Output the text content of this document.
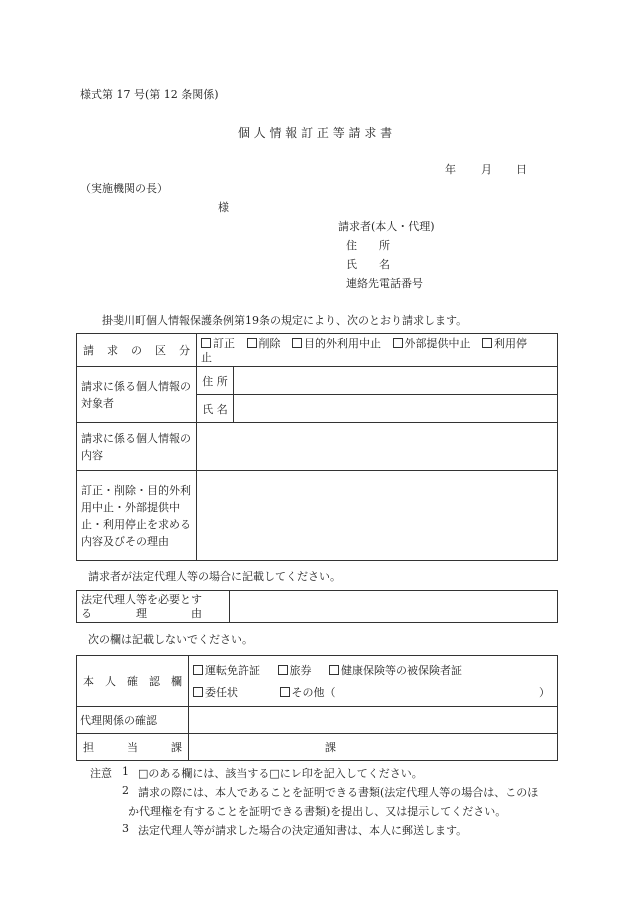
様式第 17 号(第 12 条関係)
個 人 情 報 訂 正 等 請 求 書
年 月 日
（実施機関の長）
様
請求者(本人・代理)
住　　所
氏　　名
連絡先電話番号
掛斐川町個人情報保護条例第19条の規定により、次のとおり請求します。
請　求　の　区　分	訂正 削除 目的外利用中止 外部提供中止 利用停
止	
請求に係る個人情報の対象者	住 所	
	氏 名	
請求に係る個人情報の内容		
訂正・削除・目的外利用中止・外部提供中止・利用停止を求める内容及びその理由		
請求者が法定代理人等の場合に記載してください。
法定代理人等を必要とす
る　　　　理　　　　由

次の欄は記載しないでください。
本 人 確 認 欄	運転免許証 旅券 健康保険等の被保険者証
委任状 その他（ ）

代理関係の確認	
担　　　当　　　課	課
注意 1 □のある欄には、該当する□にレ印を記入してください。
2 請求の際には、本人であることを証明できる書類(法定代理人等の場合は、このほ
か代理権を有することを証明できる書類)を提出し、又は提示してください。
3 法定代理人等が請求した場合の決定通知書は、本人に郵送します。
